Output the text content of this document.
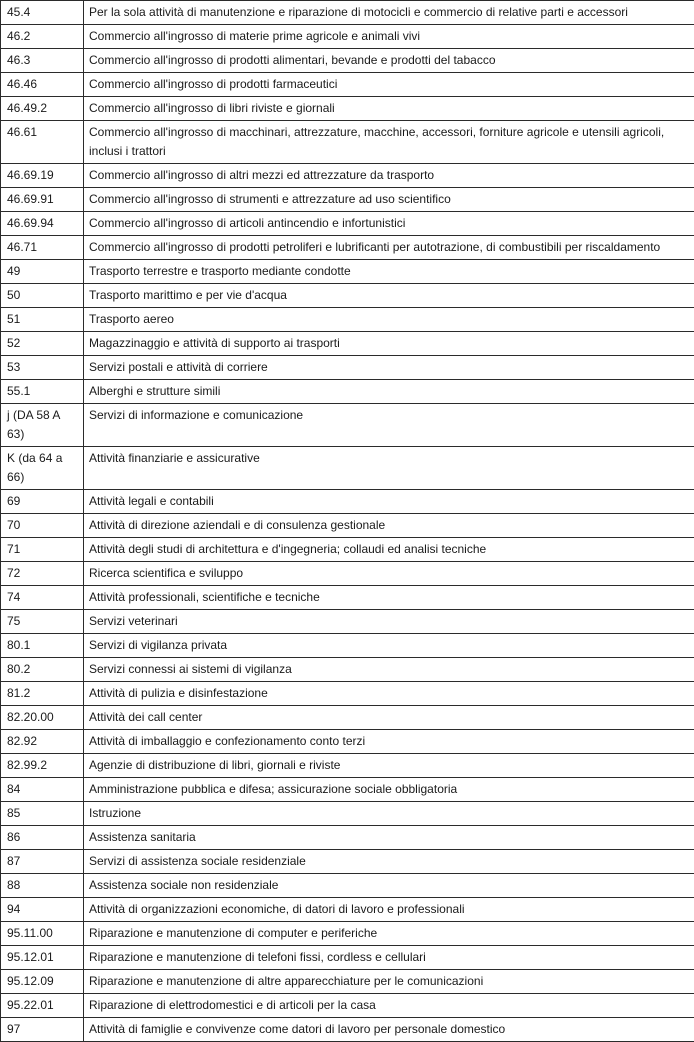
45.4	Per la sola attività di manutenzione e riparazione di motocicli e commercio di relative parti e accessori
46.2	Commercio all'ingrosso di materie prime agricole e animali vivi
46.3	Commercio all'ingrosso di prodotti alimentari, bevande e prodotti del tabacco
46.46	Commercio all'ingrosso di prodotti farmaceutici
46.49.2	Commercio all'ingrosso di libri riviste e giornali
46.61	Commercio all'ingrosso di macchinari, attrezzature, macchine, accessori, forniture agricole e utensili agricoli, inclusi i trattori
46.69.19	Commercio all'ingrosso di altri mezzi ed attrezzature da trasporto
46.69.91	Commercio all'ingrosso di strumenti e attrezzature ad uso scientifico
46.69.94	Commercio all'ingrosso di articoli antincendio e infortunistici
46.71	Commercio all'ingrosso di prodotti petroliferi e lubrificanti per autotrazione, di combustibili per riscaldamento
49	Trasporto terrestre e trasporto mediante condotte
50	Trasporto marittimo e per vie d'acqua
51	Trasporto aereo
52	Magazzinaggio e attività di supporto ai trasporti
53	Servizi postali e attività di corriere
55.1	Alberghi e strutture simili
j (DA 58 A 63)	Servizi di informazione e comunicazione
K (da 64 a 66)	Attività finanziarie e assicurative
69	Attività legali e contabili
70	Attività di direzione aziendali e di consulenza gestionale
71	Attività degli studi di architettura e d'ingegneria; collaudi ed analisi tecniche
72	Ricerca scientifica e sviluppo
74	Attività professionali, scientifiche e tecniche
75	Servizi veterinari
80.1	Servizi di vigilanza privata
80.2	Servizi connessi ai sistemi di vigilanza
81.2	Attività di pulizia e disinfestazione
82.20.00	Attività dei call center
82.92	Attività di imballaggio e confezionamento conto terzi
82.99.2	Agenzie di distribuzione di libri, giornali e riviste
84	Amministrazione pubblica e difesa; assicurazione sociale obbligatoria
85	Istruzione
86	Assistenza sanitaria
87	Servizi di assistenza sociale residenziale
88	Assistenza sociale non residenziale
94	Attività di organizzazioni economiche, di datori di lavoro e professionali
95.11.00	Riparazione e manutenzione di computer e periferiche
95.12.01	Riparazione e manutenzione di telefoni fissi, cordless e cellulari
95.12.09	Riparazione e manutenzione di altre apparecchiature per le comunicazioni
95.22.01	Riparazione di elettrodomestici e di articoli per la casa
97	Attività di famiglie e convivenze come datori di lavoro per personale domestico
